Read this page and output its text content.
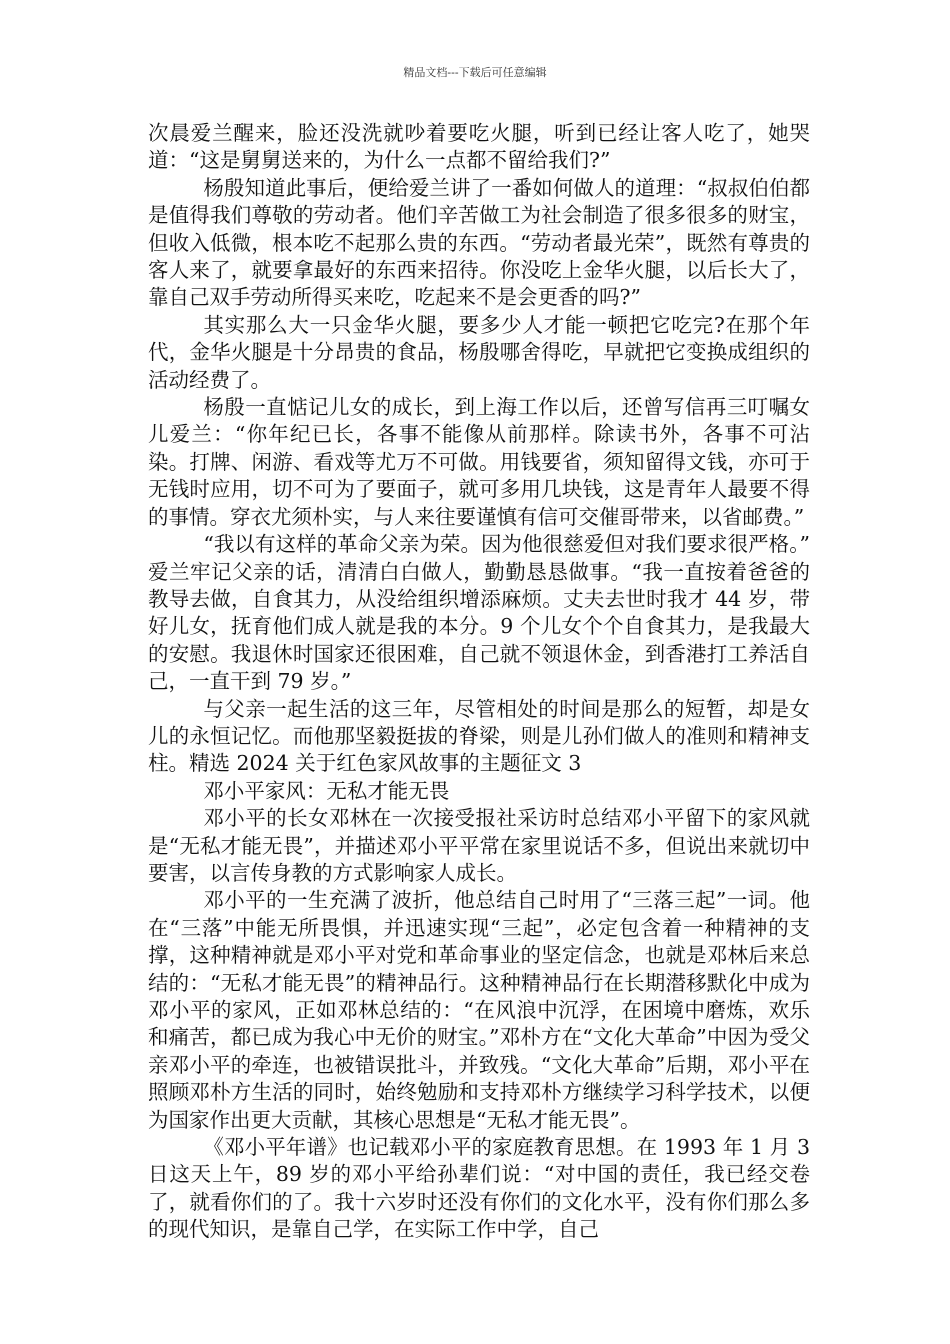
精品文档---下载后可任意编辑

次晨爱兰醒来，脸还没洗就吵着要吃火腿，听到已经让客人吃了，她哭道：“这是舅舅送来的，为什么一点都不留给我们?”

杨殷知道此事后，便给爱兰讲了一番如何做人的道理：“叔叔伯伯都是值得我们尊敬的劳动者。他们辛苦做工为社会制造了很多很多的财宝，但收入低微，根本吃不起那么贵的东西。“劳动者最光荣”，既然有尊贵的客人来了，就要拿最好的东西来招待。你没吃上金华火腿，以后长大了，靠自己双手劳动所得买来吃，吃起来不是会更香的吗?”

其实那么大一只金华火腿，要多少人才能一顿把它吃完?在那个年代，金华火腿是十分昂贵的食品，杨殷哪舍得吃，早就把它变换成组织的活动经费了。

杨殷一直惦记儿女的成长，到上海工作以后，还曾写信再三叮嘱女儿爱兰：“你年纪已长，各事不能像从前那样。除读书外，各事不可沾染。打牌、闲游、看戏等尤万不可做。用钱要省，须知留得文钱，亦可于无钱时应用，切不可为了要面子，就可多用几块钱，这是青年人最要不得的事情。穿衣尤须朴实，与人来往要谨慎有信可交催哥带来，以省邮费。”

“我以有这样的革命父亲为荣。因为他很慈爱但对我们要求很严格。” 爱兰牢记父亲的话，清清白白做人，勤勤恳恳做事。“我一直按着爸爸的教导去做，自食其力，从没给组织增添麻烦。丈夫去世时我才 44 岁，带好儿女，抚育他们成人就是我的本分。9 个儿女个个自食其力，是我最大的安慰。我退休时国家还很困难，自己就不领退休金，到香港打工养活自己，一直干到 79 岁。”

与父亲一起生活的这三年，尽管相处的时间是那么的短暂，却是女儿的永恒记忆。而他那坚毅挺拔的脊梁，则是儿孙们做人的准则和精神支柱。精选 2024 关于红色家风故事的主题征文 3

邓小平家风：无私才能无畏

邓小平的长女邓林在一次接受报社采访时总结邓小平留下的家风就是“无私才能无畏”，并描述邓小平平常在家里说话不多，但说出来就切中要害，以言传身教的方式影响家人成长。

邓小平的一生充满了波折，他总结自己时用了“三落三起”一词。他在“三落”中能无所畏惧，并迅速实现“三起”，必定包含着一种精神的支撑，这种精神就是邓小平对党和革命事业的坚定信念，也就是邓林后来总结的：“无私才能无畏”的精神品行。这种精神品行在长期潜移默化中成为邓小平的家风，正如邓林总结的：“在风浪中沉浮，在困境中磨炼，欢乐和痛苦，都已成为我心中无价的财宝。”邓朴方在“文化大革命”中因为受父亲邓小平的牵连，也被错误批斗，并致残。“文化大革命”后期，邓小平在照顾邓朴方生活的同时，始终勉励和支持邓朴方继续学习科学技术，以便为国家作出更大贡献，其核心思想是“无私才能无畏”。

《邓小平年谱》也记载邓小平的家庭教育思想。在 1993 年 1 月 3 日这天上午，89 岁的邓小平给孙辈们说：“对中国的责任，我已经交卷了，就看你们的了。我十六岁时还没有你们的文化水平，没有你们那么多的现代知识，是靠自己学，在实际工作中学，自己
